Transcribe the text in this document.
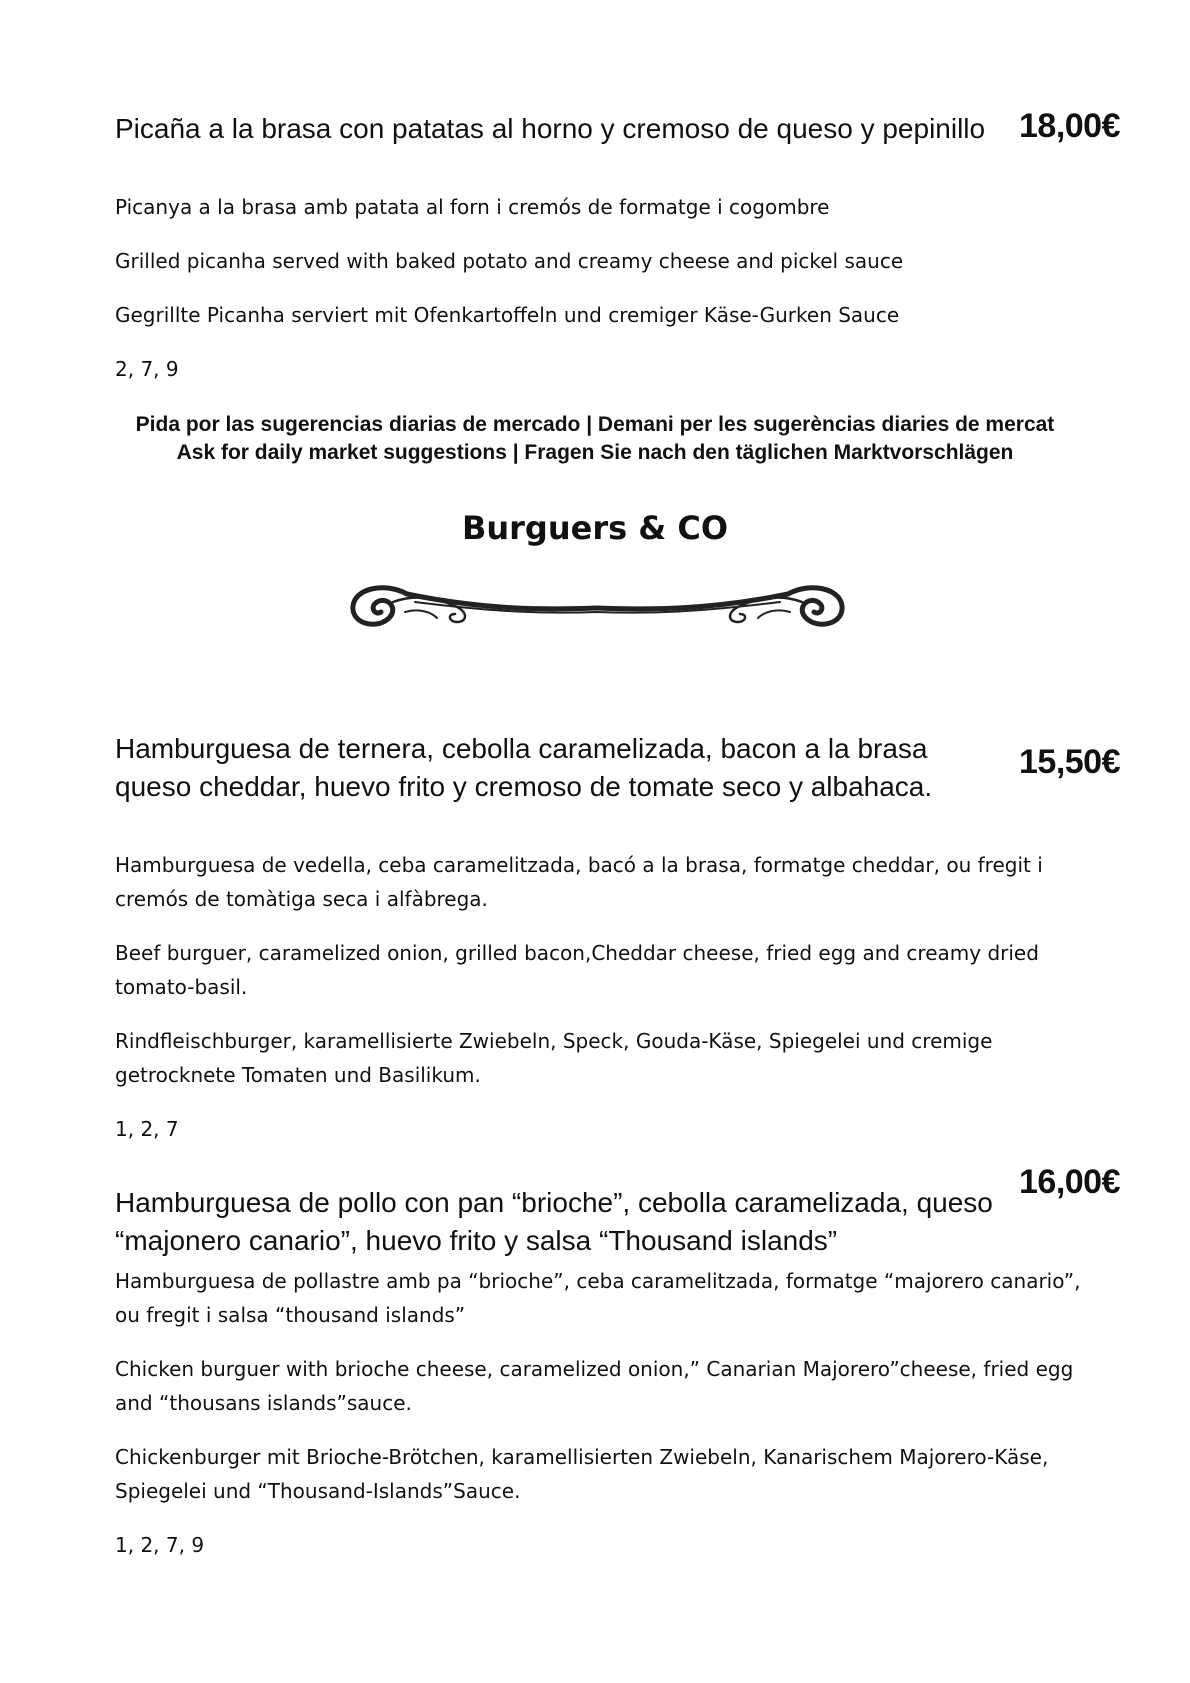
Picaña a la brasa con patatas al horno y cremoso de queso y pepinillo 18,00€

Picanya a la brasa amb patata al forn i cremós de formatge i cogombre

Grilled picanha served with baked potato and creamy cheese and pickel sauce

Gegrillte Picanha serviert mit Ofenkartoffeln und cremiger Käse-Gurken Sauce

2, 7, 9

Pida por las sugerencias diarias de mercado | Demani per les sugerèncias diaries de mercat
Ask for daily market suggestions | Fragen Sie nach den täglichen Marktvorschlägen
Burguers & CO

Hamburguesa de ternera, cebolla caramelizada, bacon a la brasa queso cheddar, huevo frito y cremoso de tomate seco y albahaca.

15,50€

Hamburguesa de vedella, ceba caramelitzada, bacó a la brasa, formatge cheddar, ou fregit i cremós de tomàtiga seca i alfàbrega.

Beef burguer, caramelized onion, grilled bacon,Cheddar cheese, fried egg and creamy dried tomato-basil.

Rindfleischburger, karamellisierte Zwiebeln, Speck, Gouda-Käse, Spiegelei und cremige getrocknete Tomaten und Basilikum.

1, 2, 7

16,00€

Hamburguesa de pollo con pan “brioche”, cebolla caramelizada, queso “majonero canario”, huevo frito y salsa “Thousand islands”

Hamburguesa de pollastre amb pa “brioche”, ceba caramelitzada, formatge “majorero canario”, ou fregit i salsa “thousand islands”

Chicken burguer with brioche cheese, caramelized onion,” Canarian Majorero”cheese, fried egg and “thousans islands”sauce.

Chickenburger mit Brioche-Brötchen, karamellisierten Zwiebeln, Kanarischem Majorero-Käse, Spiegelei und “Thousand-Islands”Sauce.

1, 2, 7, 9
